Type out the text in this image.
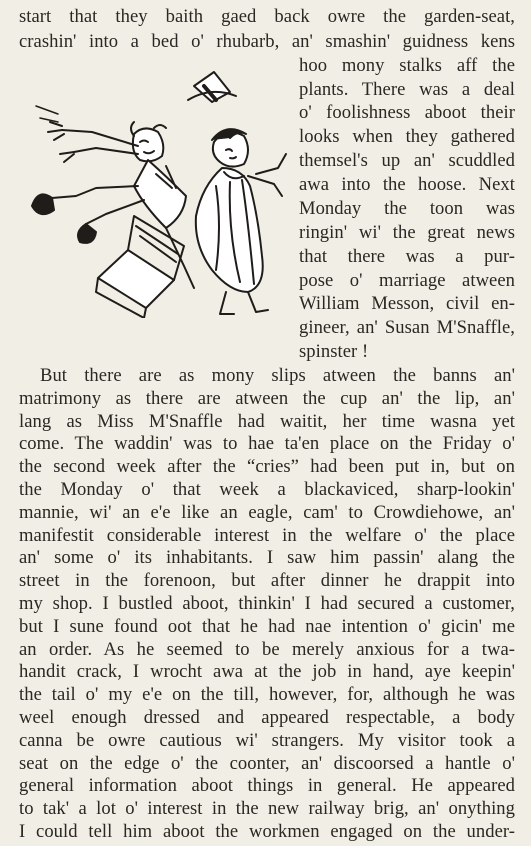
start that they baith gaed back owre the garden-seat,
crashin' into a bed o' rhubarb, an' smashin' guidness kens
hoo mony stalks aff the
plants. There was a deal
o' foolishness aboot their
looks when they gathered
themsel's up an' scuddled
awa into the hoose. Next
Monday the toon was
ringin' wi' the great news
that there was a pur-
pose o' marriage atween
William Messon, civil en-
gineer, an' Susan M'Snaffle,
spinster !
But there are as mony slips atween the banns an'
matrimony as there are atween the cup an' the lip, an'
lang as Miss M'Snaffle had waitit, her time wasna yet
come. The waddin' was to hae ta'en place on the Friday o'
the second week after the “cries” had been put in, but on
the Monday o' that week a blackaviced, sharp-lookin'
mannie, wi' an e'e like an eagle, cam' to Crowdiehowe, an'
manifestit considerable interest in the welfare o' the place
an' some o' its inhabitants. I saw him passin' alang the
street in the forenoon, but after dinner he drappit into
my shop. I bustled aboot, thinkin' I had secured a customer,
but I sune found oot that he had nae intention o' gicin' me
an order. As he seemed to be merely anxious for a twa-
handit crack, I wrocht awa at the job in hand, aye keepin'
the tail o' my e'e on the till, however, for, although he was
weel enough dressed and appeared respectable, a body
canna be owre cautious wi' strangers. My visitor took a
seat on the edge o' the coonter, an' discoorsed a hantle o'
general information aboot things in general. He appeared
to tak' a lot o' interest in the new railway brig, an' onything
I could tell him aboot the workmen engaged on the under-
